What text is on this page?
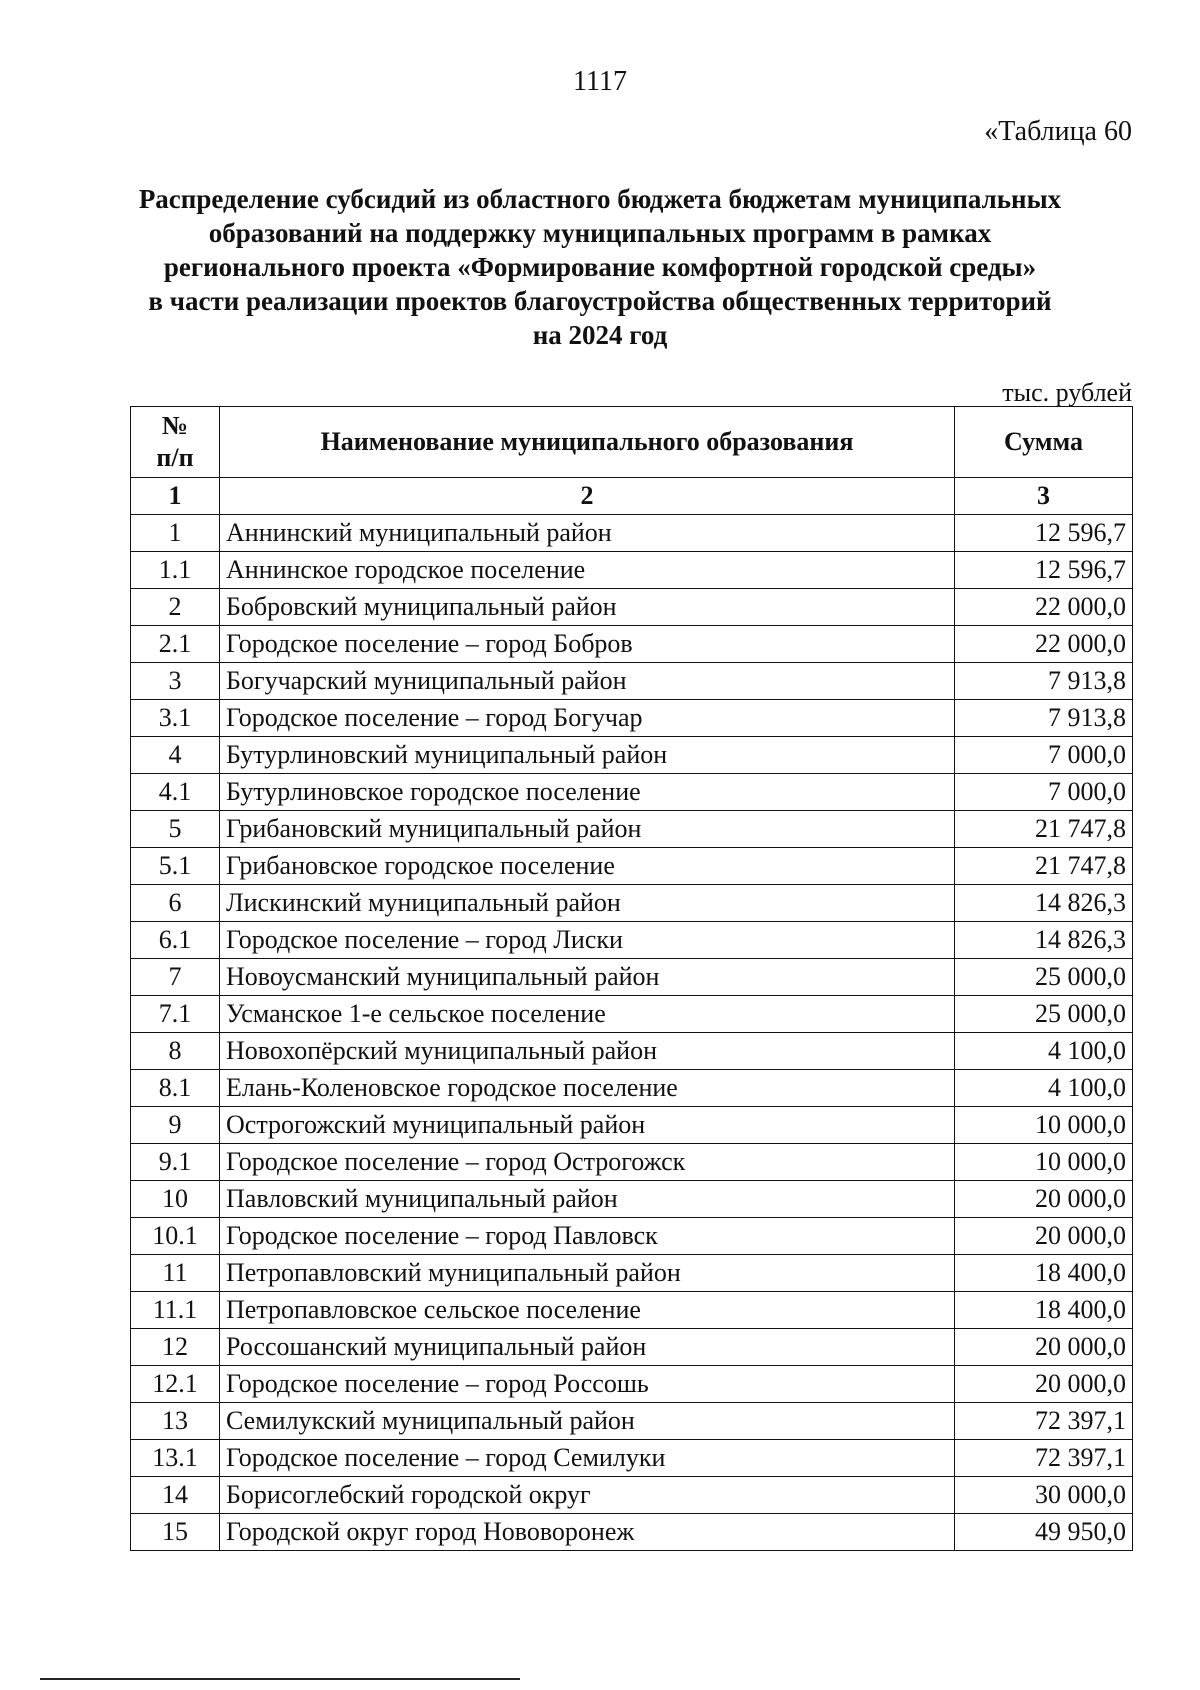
1117
«Таблица 60
Распределение субсидий из областного бюджета бюджетам муниципальных
образований на поддержку муниципальных программ в рамках
регионального проекта «Формирование комфортной городской среды»
в части реализации проектов благоустройства общественных территорий
на 2024 год
тыс. рублей
№
п/п	Наименование муниципального образования	Сумма
1	2	3
1	Аннинский муниципальный район	12 596,7
1.1	Аннинское городское поселение	12 596,7
2	Бобровский муниципальный район	22 000,0
2.1	Городское поселение – город Бобров	22 000,0
3	Богучарский муниципальный район	7 913,8
3.1	Городское поселение – город Богучар	7 913,8
4	Бутурлиновский муниципальный район	7 000,0
4.1	Бутурлиновское городское поселение	7 000,0
5	Грибановский муниципальный район	21 747,8
5.1	Грибановское городское поселение	21 747,8
6	Лискинский муниципальный район	14 826,3
6.1	Городское поселение – город Лиски	14 826,3
7	Новоусманский муниципальный район	25 000,0
7.1	Усманское 1-е сельское поселение	25 000,0
8	Новохопёрский муниципальный район	4 100,0
8.1	Елань-Коленовское городское поселение	4 100,0
9	Острогожский муниципальный район	10 000,0
9.1	Городское поселение – город Острогожск	10 000,0
10	Павловский муниципальный район	20 000,0
10.1	Городское поселение – город Павловск	20 000,0
11	Петропавловский муниципальный район	18 400,0
11.1	Петропавловское сельское поселение	18 400,0
12	Россошанский муниципальный район	20 000,0
12.1	Городское поселение – город Россошь	20 000,0
13	Семилукский муниципальный район	72 397,1
13.1	Городское поселение – город Семилуки	72 397,1
14	Борисоглебский городской округ	30 000,0
15	Городской округ город Нововоронеж	49 950,0
